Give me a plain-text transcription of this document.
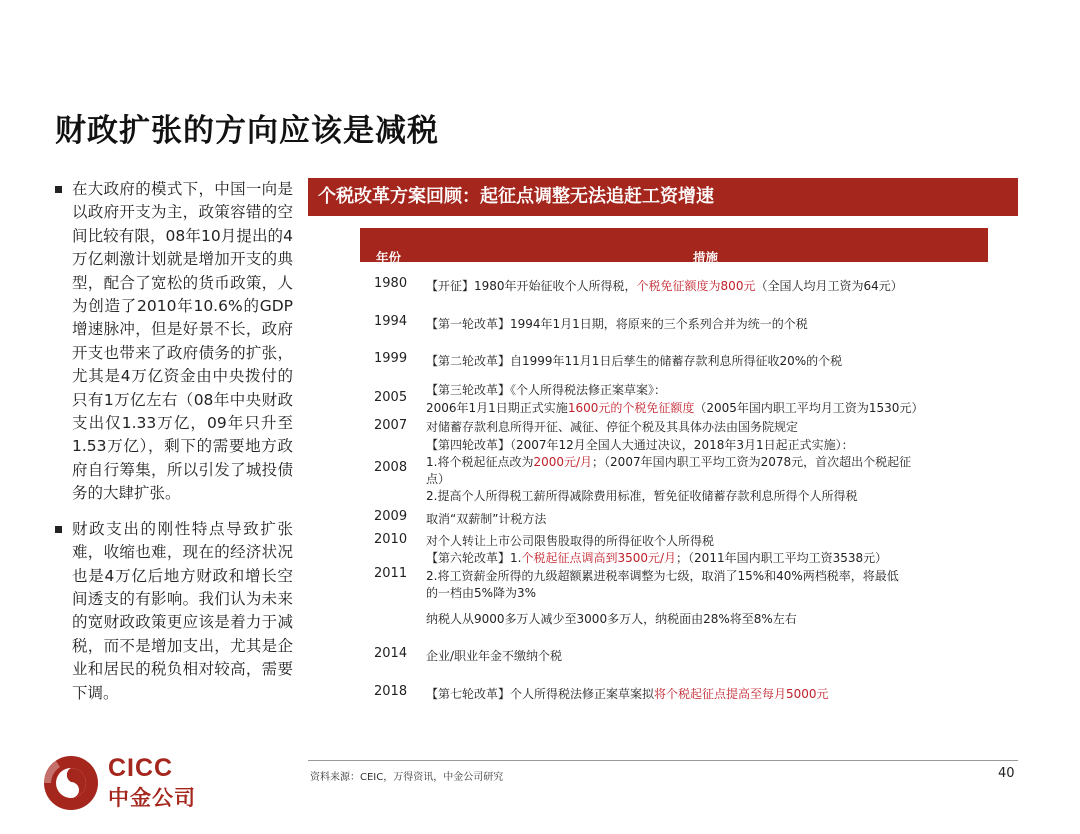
财政扩张的方向应该是减税
在大政府的模式下，中国一向是以政府开支为主，政策容错的空间比较有限，08年10月提出的4万亿刺激计划就是增加开支的典型，配合了宽松的货币政策，人为创造了2010年10.6%的GDP增速脉冲，但是好景不长，政府开支也带来了政府债务的扩张，尤其是4万亿资金由中央拨付的只有1万亿左右（08年中央财政支出仅1.33万亿，09年只升至1.53万亿），剩下的需要地方政府自行筹集，所以引发了城投债务的大肆扩张。
财政支出的刚性特点导致扩张难，收缩也难，现在的经济状况也是4万亿后地方财政和增长空间透支的有影响。我们认为未来的宽财政政策更应该是着力于减税，而不是增加支出，尤其是企业和居民的税负相对较高，需要下调。
个税改革方案回顾：起征点调整无法追赶工资增速
年份	措施
1980
1994
1999
2005
2007
2008
2009
2010
2011
2014
2018
【开征】1980年开始征收个人所得税，个税免征额度为800元（全国人均月工资为64元）
【第一轮改革】1994年1月1日期，将原来的三个系列合并为统一的个税
【第二轮改革】自1999年11月1日后孳生的储蓄存款利息所得征收20%的个税
【第三轮改革】《个人所得税法修正案草案》：
2006年1月1日期正式实施1600元的个税免征额度（2005年国内职工平均月工资为1530元）
对储蓄存款利息所得开征、减征、停征个税及其具体办法由国务院规定
【第四轮改革】（2007年12月全国人大通过决议，2018年3月1日起正式实施）：
1.将个税起征点改为2000元/月；（2007年国内职工平均工资为2078元，首次超出个税起征
点）
2.提高个人所得税工薪所得减除费用标准，暂免征收储蓄存款利息所得个人所得税
取消“双薪制”计税方法
对个人转让上市公司限售股取得的所得征收个人所得税
【第六轮改革】1.个税起征点调高到3500元/月；（2011年国内职工平均工资3538元）
2.将工资薪金所得的九级超额累进税率调整为七级，取消了15%和40%两档税率，将最低
的一档由5%降为3%
纳税人从9000多万人减少至3000多万人，纳税面由28%将至8%左右
企业/职业年金不缴纳个税
【第七轮改革】个人所得税法修正案草案拟将个税起征点提高至每月5000元
资料来源：CEIC，万得资讯，中金公司研究	40
CICC
中金公司
